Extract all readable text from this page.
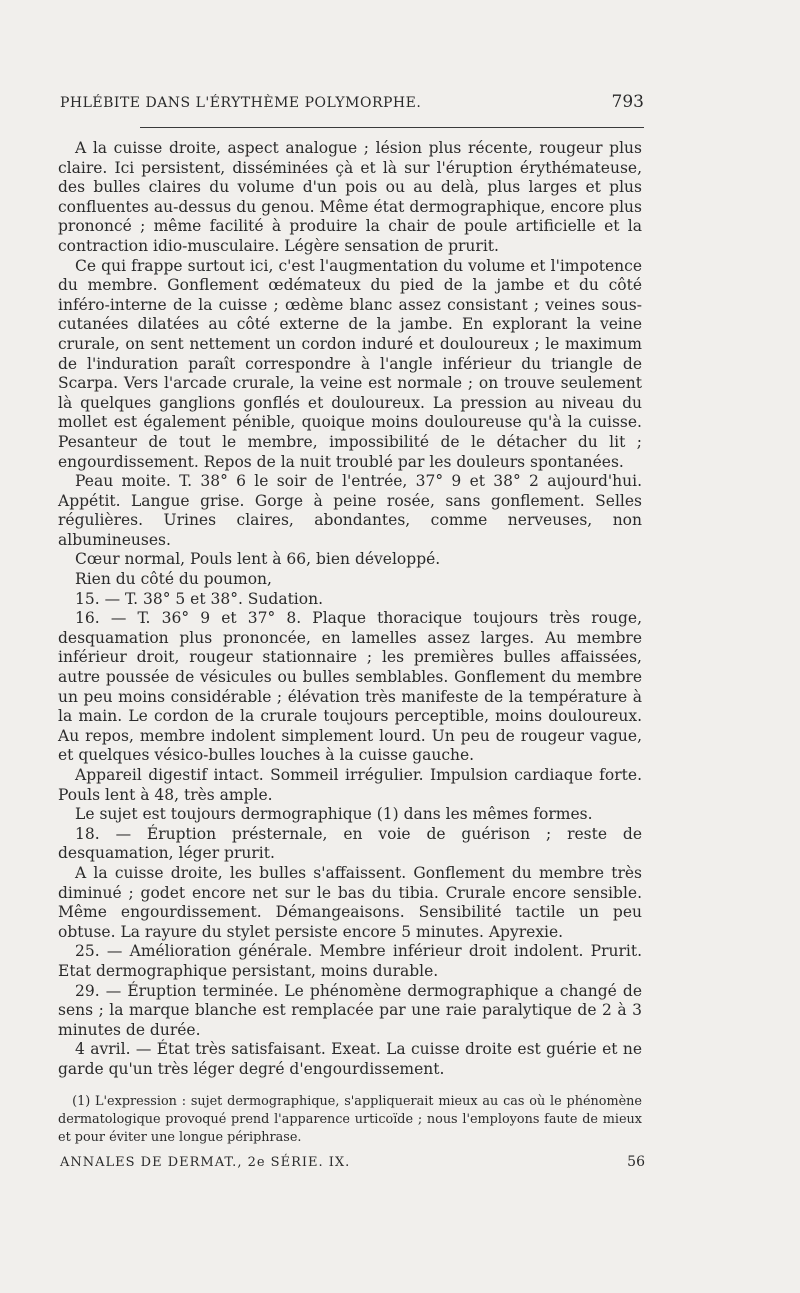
PHLÉBITE DANS L'ÉRYTHÈME POLYMORPHE.	793

A la cuisse droite, aspect analogue ; lésion plus récente, rougeur plus claire. Ici persistent, disséminées çà et là sur l'éruption érythémateuse, des bulles claires du volume d'un pois ou au delà, plus larges et plus confluentes au-dessus du genou. Même état dermographique, encore plus prononcé ; même facilité à produire la chair de poule artificielle et la contraction idio-musculaire. Légère sensation de prurit.

Ce qui frappe surtout ici, c'est l'augmentation du volume et l'impotence du membre. Gonflement œdémateux du pied de la jambe et du côté inféro-interne de la cuisse ; œdème blanc assez consistant ; veines sous-cutanées dilatées au côté externe de la jambe. En explorant la veine crurale, on sent nettement un cordon induré et douloureux ; le maximum de l'induration paraît correspondre à l'angle inférieur du triangle de Scarpa. Vers l'arcade crurale, la veine est normale ; on trouve seulement là quelques ganglions gonflés et douloureux. La pression au niveau du mollet est également pénible, quoique moins douloureuse qu'à la cuisse. Pesanteur de tout le membre, impossibilité de le détacher du lit ; engourdissement. Repos de la nuit troublé par les douleurs spontanées.

Peau moite. T. 38° 6 le soir de l'entrée, 37° 9 et 38° 2 aujourd'hui. Appétit. Langue grise. Gorge à peine rosée, sans gonflement. Selles régulières. Urines claires, abondantes, comme nerveuses, non albumineuses.

Cœur normal, Pouls lent à 66, bien développé.

Rien du côté du poumon,

15. — T. 38° 5 et 38°. Sudation.

16. — T. 36° 9 et 37° 8. Plaque thoracique toujours très rouge, desquamation plus prononcée, en lamelles assez larges. Au membre inférieur droit, rougeur stationnaire ; les premières bulles affaissées, autre poussée de vésicules ou bulles semblables. Gonflement du membre un peu moins considérable ; élévation très manifeste de la température à la main. Le cordon de la crurale toujours perceptible, moins douloureux. Au repos, membre indolent simplement lourd. Un peu de rougeur vague, et quelques vésico-bulles louches à la cuisse gauche.

Appareil digestif intact. Sommeil irrégulier. Impulsion cardiaque forte. Pouls lent à 48, très ample.

Le sujet est toujours dermographique (1) dans les mêmes formes.

18. — Éruption présternale, en voie de guérison ; reste de desquamation, léger prurit.

A la cuisse droite, les bulles s'affaissent. Gonflement du membre très diminué ; godet encore net sur le bas du tibia. Crurale encore sensible. Même engourdissement. Démangeaisons. Sensibilité tactile un peu obtuse. La rayure du stylet persiste encore 5 minutes. Apyrexie.

25. — Amélioration générale. Membre inférieur droit indolent. Prurit. Etat dermographique persistant, moins durable.

29. — Éruption terminée. Le phénomène dermographique a changé de sens ; la marque blanche est remplacée par une raie paralytique de 2 à 3 minutes de durée.

4 avril. — État très satisfaisant. Exeat. La cuisse droite est guérie et ne garde qu'un très léger degré d'engourdissement.

(1) L'expression : sujet dermographique, s'appliquerait mieux au cas où le phénomène dermatologique provoqué prend l'apparence urticoïde ; nous l'employons faute de mieux et pour éviter une longue périphrase.

ANNALES DE DERMAT., 2e SÉRIE. IX.	56
